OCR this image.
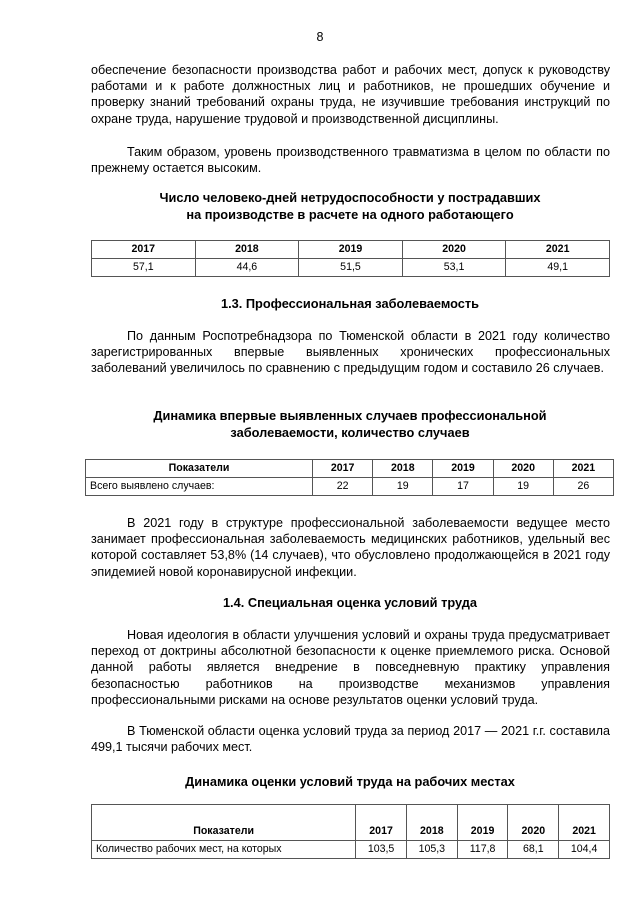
8

обеспечение безопасности производства работ и рабочих мест, допуск к руководству работами и к работе должностных лиц и работников, не прошедших обучение и проверку знаний требований охраны труда, не изучившие требования инструкций по охране труда, нарушение трудовой и производственной дисциплины.

Таким образом, уровень производственного травматизма в целом по области по прежнему остается высоким.

Число человеко-дней нетрудоспособности у пострадавших
на производстве в расчете на одного работающего

2017	2018	2019	2020	2021
57,1	44,6	51,5	53,1	49,1

1.3. Профессиональная заболеваемость

По данным Роспотребнадзора по Тюменской области в 2021 году количество зарегистрированных впервые выявленных хронических профессиональных заболеваний увеличилось по сравнению с предыдущим годом и составило 26 случаев.

Динамика впервые выявленных случаев профессиональной
заболеваемости, количество случаев

Показатели	2017	2018	2019	2020	2021
Всего выявлено случаев:	22	19	17	19	26

В 2021 году в структуре профессиональной заболеваемости ведущее место занимает профессиональная заболеваемость медицинских работников, удельный вес которой составляет 53,8% (14 случаев), что обусловлено продолжающейся в 2021 году эпидемией новой коронавирусной инфекции.

1.4. Специальная оценка условий труда

Новая идеология в области улучшения условий и охраны труда предусматривает переход от доктрины абсолютной безопасности к оценке приемлемого риска. Основой данной работы является внедрение в повседневную практику управления безопасностью работников на производстве механизмов управления профессиональными рисками на основе результатов оценки условий труда.

В Тюменской области оценка условий труда за период 2017 — 2021 г.г. составила 499,1 тысячи рабочих мест.

Динамика оценки условий труда на рабочих местах

Показатели	2017	2018	2019	2020	2021
Количество рабочих мест, на которых	103,5	105,3	117,8	68,1	104,4
